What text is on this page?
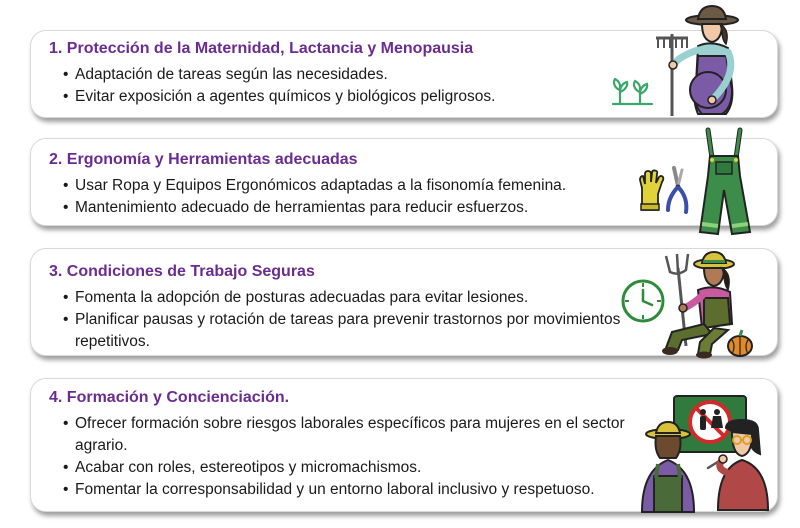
1. Protección de la Maternidad, Lactancia y Menopausia
• Adaptación de tareas según las necesidades.
• Evitar exposición a agentes químicos y biológicos peligrosos.
2. Ergonomía y Herramientas adecuadas
• Usar Ropa y Equipos Ergonómicos adaptadas a la fisonomía femenina.
• Mantenimiento adecuado de herramientas para reducir esfuerzos.
3. Condiciones de Trabajo Seguras
• Fomenta la adopción de posturas adecuadas para evitar lesiones.
• Planificar pausas y rotación de tareas para prevenir trastornos por movimientos repetitivos.
4. Formación y Concienciación.
• Ofrecer formación sobre riesgos laborales específicos para mujeres en el sector agrario.
• Acabar con roles, estereotipos y micromachismos.
• Fomentar la corresponsabilidad y un entorno laboral inclusivo y respetuoso.
